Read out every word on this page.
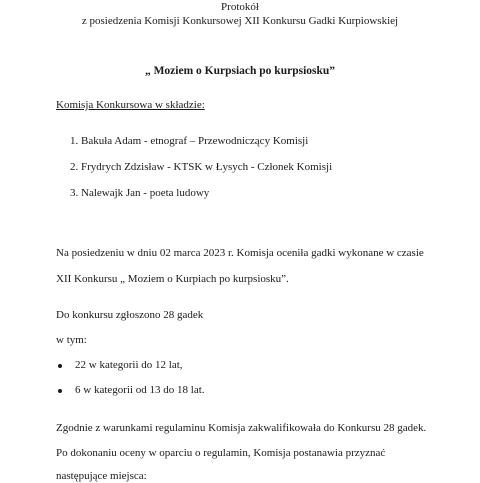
Protokół
z posiedzenia Komisji Konkursowej XII Konkursu Gadki Kurpiowskiej
„ Moziem o Kurpsiach po kurpsiosku”
Komisja Konkursowa w składzie:
1. Bakuła Adam - etnograf – Przewodniczący Komisji
2. Frydrych Zdzisław - KTSK w Łysych - Członek Komisji
3. Nalewajk Jan - poeta ludowy
Na posiedzeniu w dniu 02 marca 2023 r. Komisja oceniła gadki wykonane w czasie
XII Konkursu „ Moziem o Kurpiach po kurpsiosku”.
Do konkursu zgłoszono 28 gadek
w tym:
22 w kategorii do 12 lat,
6 w kategorii od 13 do 18 lat.
Zgodnie z warunkami regulaminu Komisja zakwalifikowała do Konkursu 28 gadek.
Po dokonaniu oceny w oparciu o regulamin, Komisja postanawia przyznać
następujące miejsca:
